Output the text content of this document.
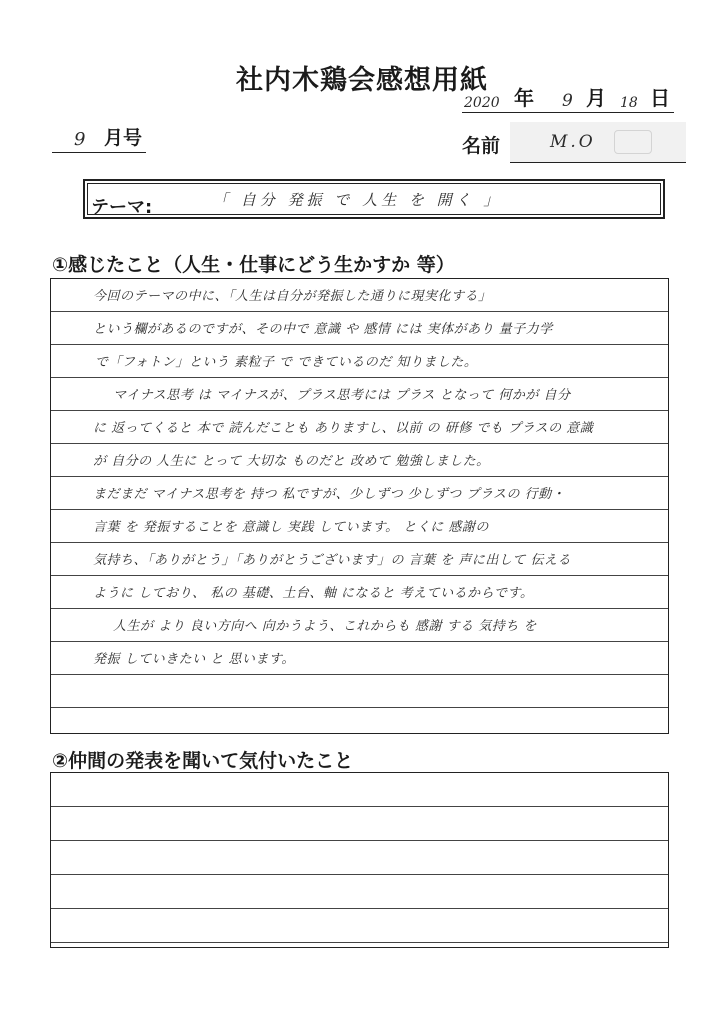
社内木鶏会感想用紙
2020 年 9 月 18 日
9 月号	名前	M.O
テーマ:	「 自分 発振 で 人生 を 開く 」
①感じたこと（人生・仕事にどう生かすか 等）
今回のテーマの中に、「人生は自分が発振した通りに現実化する」
という欄があるのですが、その中で 意識 や 感情 には 実体があり 量子力学
で「フォトン」という 素粒子 で できているのだ 知りました。
マイナス思考 は マイナスが、プラス思考には プラス となって 何かが 自分
に 返ってくると 本で 読んだことも ありますし、以前 の 研修 でも プラスの 意識
が 自分の 人生に とって 大切な ものだと 改めて 勉強しました。
まだまだ マイナス思考を 持つ 私ですが、少しずつ 少しずつ プラスの 行動・
言葉 を 発振することを 意識し 実践 しています。 とくに 感謝の
気持ち、「ありがとう」「ありがとうございます」の 言葉 を 声に出して 伝える
ように しており、 私の 基礎、土台、軸 になると 考えているからです。
人生が より 良い方向へ 向かうよう、これからも 感謝 する 気持ち を
発振 していきたい と 思います。
②仲間の発表を聞いて気付いたこと
